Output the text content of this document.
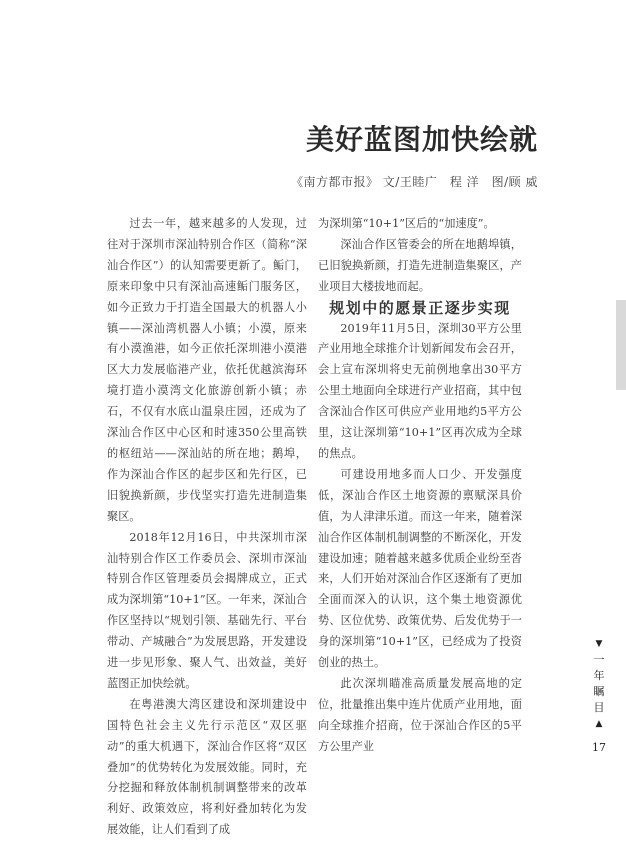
美好蓝图加快绘就
《南方都市报》 文/王睦广　程 洋　图/顾 威

过去一年，越来越多的人发现，过往对于深圳市深汕特别合作区（简称“深汕合作区”）的认知需要更新了。鲘门，原来印象中只有深汕高速鲘门服务区，如今正致力于打造全国最大的机器人小镇——深汕湾机器人小镇；小漠，原来有小漠渔港，如今正依托深圳港小漠港区大力发展临港产业，依托优越滨海环境打造小漠湾文化旅游创新小镇；赤石，不仅有水底山温泉庄园，还成为了深汕合作区中心区和时速350公里高铁的枢纽站——深汕站的所在地；鹅埠，作为深汕合作区的起步区和先行区，已旧貌换新颜，步伐坚实打造先进制造集聚区。

2018年12月16日，中共深圳市深汕特别合作区工作委员会、深圳市深汕特别合作区管理委员会揭牌成立，正式成为深圳第“10+1”区。一年来，深汕合作区坚持以“规划引领、基础先行、平台带动、产城融合”为发展思路，开发建设进一步见形象、聚人气、出效益，美好蓝图正加快绘就。

在粤港澳大湾区建设和深圳建设中国特色社会主义先行示范区“双区驱动”的重大机遇下，深汕合作区将“双区叠加”的优势转化为发展效能。同时，充分挖掘和释放体制机制调整带来的改革利好、政策效应，将利好叠加转化为发展效能，让人们看到了成

为深圳第“10+1”区后的“加速度”。

深汕合作区管委会的所在地鹅埠镇，已旧貌换新颜，打造先进制造集聚区，产业项目大楼拔地而起。

规划中的愿景正逐步实现

2019年11月5日，深圳30平方公里产业用地全球推介计划新闻发布会召开，会上宣布深圳将史无前例地拿出30平方公里土地面向全球进行产业招商，其中包含深汕合作区可供应产业用地约5平方公里，这让深圳第“10+1”区再次成为全球的焦点。

可建设用地多而人口少、开发强度低，深汕合作区土地资源的禀赋深具价值，为人津津乐道。而这一年来，随着深汕合作区体制机制调整的不断深化，开发建设加速；随着越来越多优质企业纷至沓来，人们开始对深汕合作区逐渐有了更加全面而深入的认识，这个集土地资源优势、区位优势、政策优势、后发优势于一身的深圳第“10+1”区，已经成为了投资创业的热土。

此次深圳瞄准高质量发展高地的定位，批量推出集中连片优质产业用地，面向全球推介招商，位于深汕合作区的5平方公里产业

▼
一
年
瞩
目
▲
17
